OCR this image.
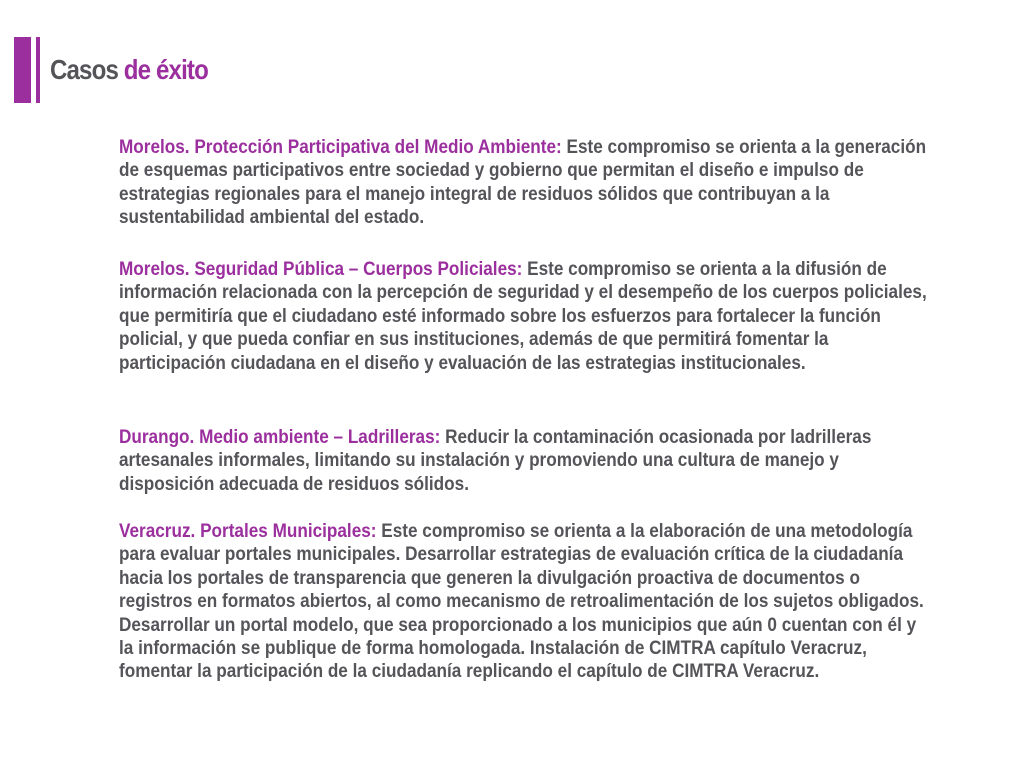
Casos de éxito

Morelos. Protección Participativa del Medio Ambiente: Este compromiso se orienta a la generación de esquemas participativos entre sociedad y gobierno que permitan el diseño e impulso de estrategias regionales para el manejo integral de residuos sólidos que contribuyan a la sustentabilidad ambiental del estado.

Morelos. Seguridad Pública – Cuerpos Policiales: Este compromiso se orienta a la difusión de información relacionada con la percepción de seguridad y el desempeño de los cuerpos policiales, que permitiría que el ciudadano esté informado sobre los esfuerzos para fortalecer la función policial, y que pueda confiar en sus instituciones, además de que permitirá fomentar la participación ciudadana en el diseño y evaluación de las estrategias institucionales.

Durango. Medio ambiente – Ladrilleras: Reducir la contaminación ocasionada por ladrilleras artesanales informales, limitando su instalación y promoviendo una cultura de manejo y disposición adecuada de residuos sólidos.

Veracruz. Portales Municipales: Este compromiso se orienta a la elaboración de una metodología para evaluar portales municipales. Desarrollar estrategias de evaluación crítica de la ciudadanía hacia los portales de transparencia que generen la divulgación proactiva de documentos o registros en formatos abiertos, al como mecanismo de retroalimentación de los sujetos obligados. Desarrollar un portal modelo, que sea proporcionado a los municipios que aún 0 cuentan con él y la información se publique de forma homologada. Instalación de CIMTRA capítulo Veracruz, fomentar la participación de la ciudadanía replicando el capítulo de CIMTRA Veracruz.
